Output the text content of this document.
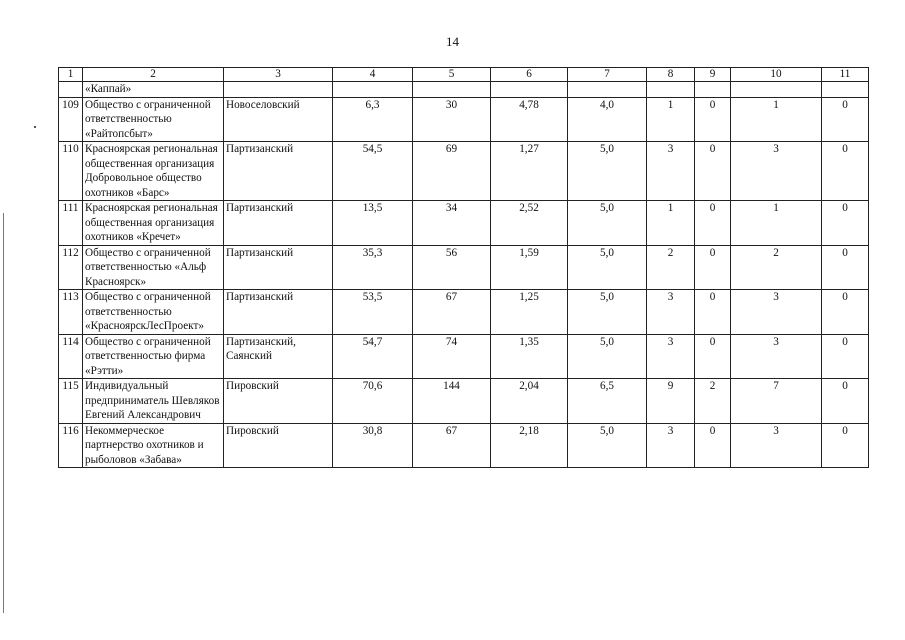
14
1	2	3	4	5	6	7	8	9	10	11
	«Каппай»									
109	Общество с ограниченной ответственностью «Райтопсбыт»	Новоселовский	6,3	30	4,78	4,0	1	0	1	0
110	Красноярская региональная общественная организация Добровольное общество охотников «Барс»	Партизанский	54,5	69	1,27	5,0	3	0	3	0
111	Красноярская региональная общественная организация охотников «Кречет»	Партизанский	13,5	34	2,52	5,0	1	0	1	0
112	Общество с ограниченной ответственностью «Альф Красноярск»	Партизанский	35,3	56	1,59	5,0	2	0	2	0
113	Общество с ограниченной ответственностью «КрасноярскЛесПроект»	Партизанский	53,5	67	1,25	5,0	3	0	3	0
114	Общество с ограниченной ответственностью фирма «Рэтти»	Партизанский, Саянский	54,7	74	1,35	5,0	3	0	3	0
115	Индивидуальный предприниматель Шевляков Евгений Александрович	Пировский	70,6	144	2,04	6,5	9	2	7	0
116	Некоммерческое партнерство охотников и рыболовов «Забава»	Пировский	30,8	67	2,18	5,0	3	0	3	0
